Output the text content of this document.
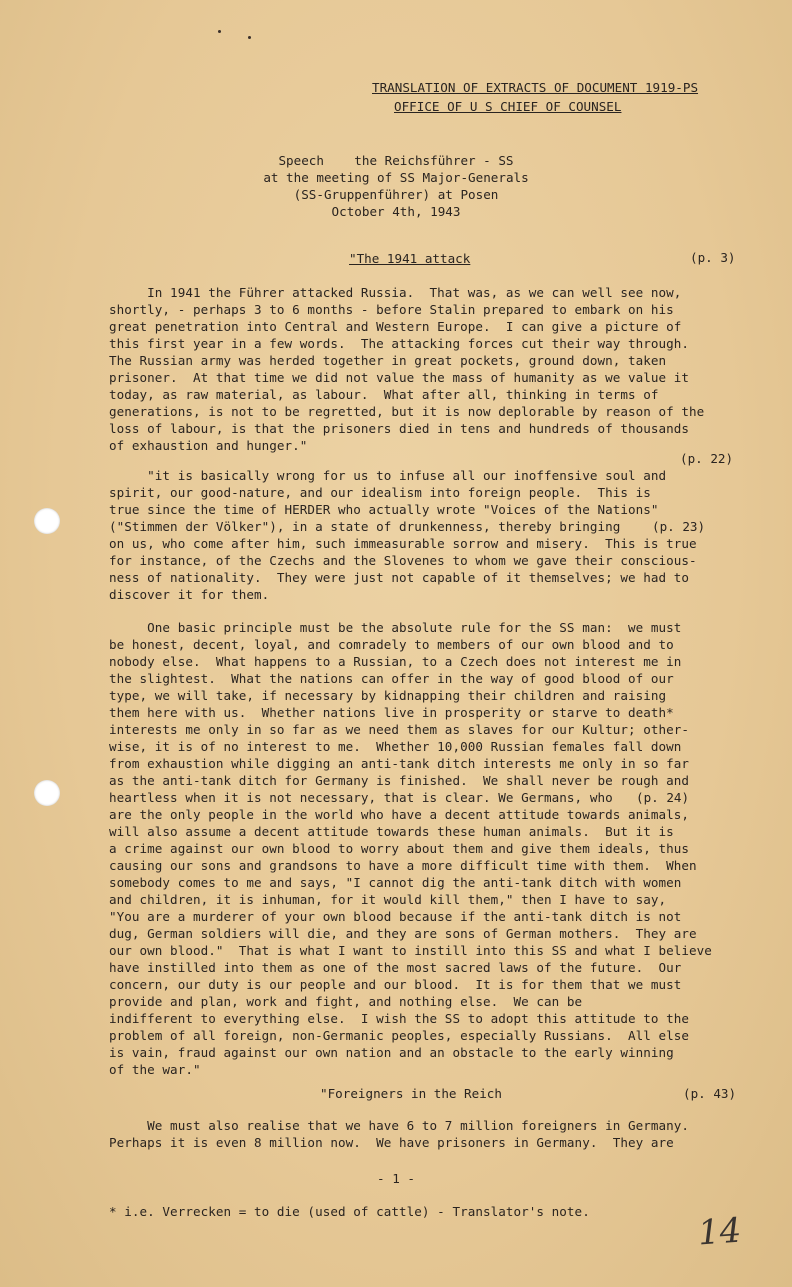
TRANSLATION OF EXTRACTS OF DOCUMENT 1919-PS
OFFICE OF U S CHIEF OF COUNSEL
Speech    the Reichsführer - SS
at the meeting of SS Major-Generals
(SS-Gruppenführer) at Posen
October 4th, 1943
"The 1941 attack	(p. 3)
In 1941 the Führer attacked Russia.  That was, as we can well see now,
shortly, - perhaps 3 to 6 months - before Stalin prepared to embark on his
great penetration into Central and Western Europe.  I can give a picture of
this first year in a few words.  The attacking forces cut their way through.
The Russian army was herded together in great pockets, ground down, taken
prisoner.  At that time we did not value the mass of humanity as we value it
today, as raw material, as labour.  What after all, thinking in terms of
generations, is not to be regretted, but it is now deplorable by reason of the
loss of labour, is that the prisoners died in tens and hundreds of thousands
of exhaustion and hunger."
(p. 22)
"it is basically wrong for us to infuse all our inoffensive soul and
spirit, our good-nature, and our idealism into foreign people.  This is
true since the time of HERDER who actually wrote "Voices of the Nations"
("Stimmen der Völker"), in a state of drunkenness, thereby bringing	(p. 23)
on us, who come after him, such immeasurable sorrow and misery.  This is true
for instance, of the Czechs and the Slovenes to whom we gave their conscious-
ness of nationality.  They were just not capable of it themselves; we had to
discover it for them.
One basic principle must be the absolute rule for the SS man:  we must
be honest, decent, loyal, and comradely to members of our own blood and to
nobody else.  What happens to a Russian, to a Czech does not interest me in
the slightest.  What the nations can offer in the way of good blood of our
type, we will take, if necessary by kidnapping their children and raising
them here with us.  Whether nations live in prosperity or starve to death*
interests me only in so far as we need them as slaves for our Kultur; other-
wise, it is of no interest to me.  Whether 10,000 Russian females fall down
from exhaustion while digging an anti-tank ditch interests me only in so far
as the anti-tank ditch for Germany is finished.  We shall never be rough and
heartless when it is not necessary, that is clear. We Germans, who (p. 24)
are the only people in the world who have a decent attitude towards animals,
will also assume a decent attitude towards these human animals.  But it is
a crime against our own blood to worry about them and give them ideals, thus
causing our sons and grandsons to have a more difficult time with them.  When
somebody comes to me and says, "I cannot dig the anti-tank ditch with women
and children, it is inhuman, for it would kill them," then I have to say,
"You are a murderer of your own blood because if the anti-tank ditch is not
dug, German soldiers will die, and they are sons of German mothers.  They are
our own blood."  That is what I want to instill into this SS and what I believe
have instilled into them as one of the most sacred laws of the future.  Our
concern, our duty is our people and our blood.  It is for them that we must
provide and plan, work and fight, and nothing else.  We can be
indifferent to everything else.  I wish the SS to adopt this attitude to the
problem of all foreign, non-Germanic peoples, especially Russians.  All else
is vain, fraud against our own nation and an obstacle to the early winning
of the war."
"Foreigners in the Reich	(p. 43)
We must also realise that we have 6 to 7 million foreigners in Germany.
Perhaps it is even 8 million now.  We have prisoners in Germany.  They are
- 1 -
* i.e. Verrecken = to die (used of cattle) - Translator's note.	14
